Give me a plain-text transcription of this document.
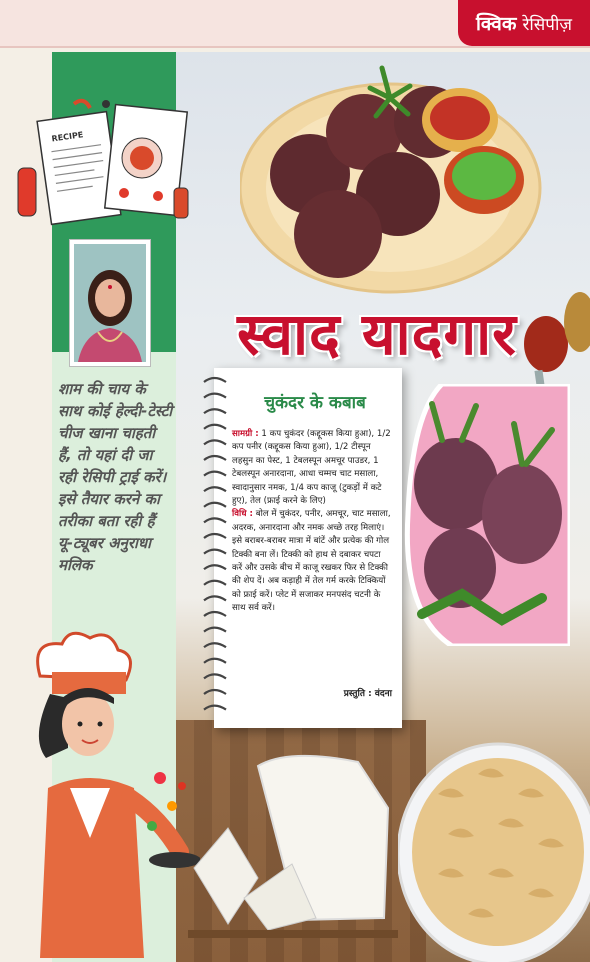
क्विक रेसिपीज़
RECIPE
शाम की चाय के साथ कोई हेल्दी-टेस्टी चीज खाना चाहती हैं, तो यहां दी जा रही रेसिपी ट्राई करें। इसे तैयार करने का तरीका बता रही हैं यू-ट्यूबर अनुराधा मलिक
स्वाद यादगार
चुकंदर के कबाब
सामग्री : 1 कप चुकंदर (कद्दूकस किया हुआ), 1/2 कप पनीर (कद्दूकस किया हुआ), 1/2 टीस्पून लहसुन का पेस्ट, 1 टेबलस्पून अमचूर पाउडर, 1 टेबलस्पून अनारदाना, आधा चम्मच चाट मसाला, स्वादानुसार नमक, 1/4 कप काजू (टुकड़ों में कटे हुए), तेल (फ्राई करने के लिए)
विधि : बोल में चुकंदर, पनीर, अमचूर, चाट मसाला, अदरक, अनारदाना और नमक अच्छे तरह मिलाएं। इसे बराबर-बराबर मात्रा में बांटें और प्रत्येक की गोल टिक्की बना लें। टिक्की को हाथ से दबाकर चपटा करें और उसके बीच में काजू रखकर फिर से टिक्की की शेप दें। अब कड़ाही में तेल गर्म करके टिक्कियों को फ्राई करें। प्लेट में सजाकर मनपसंद चटनी के साथ सर्व करें।
प्रस्तुति : वंदना
